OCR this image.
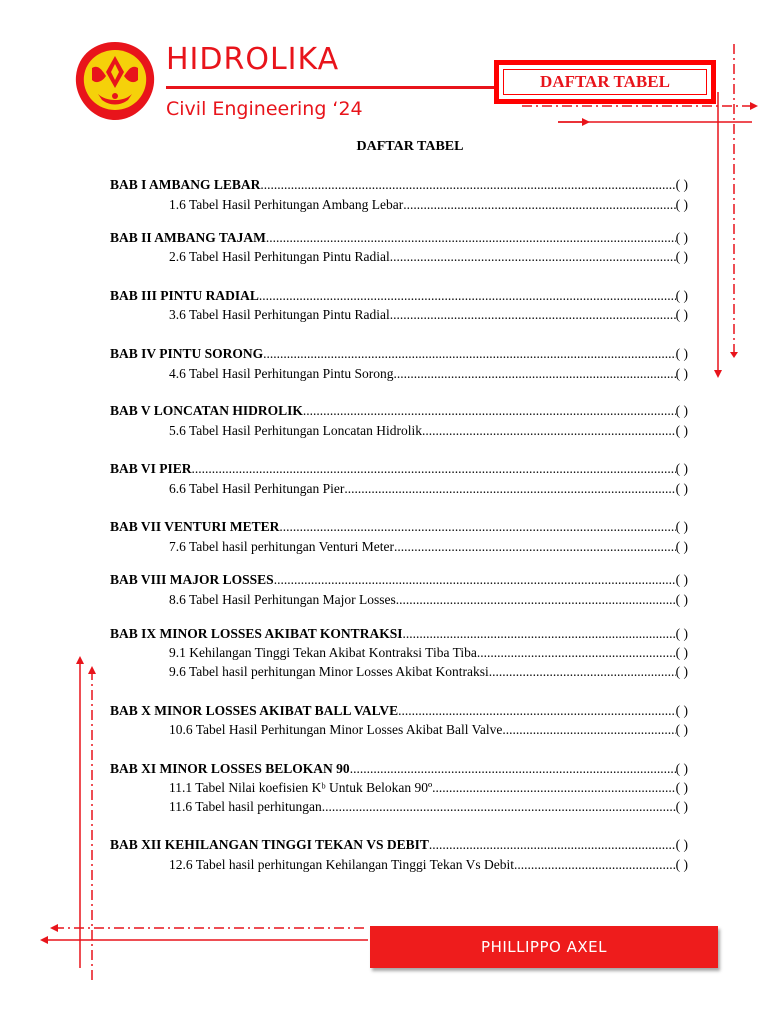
HIDROLIKA
Civil Engineering ‘24
DAFTAR TABEL
DAFTAR TABEL
BAB I AMBANG LEBAR .....	( )
1.6 Tabel Hasil Perhitungan Ambang Lebar .....	( )
BAB II AMBANG TAJAM .....	( )
2.6 Tabel Hasil Perhitungan Pintu Radial .....	( )
BAB III PINTU RADIAL .....	( )
3.6 Tabel Hasil Perhitungan Pintu Radial .....	( )
BAB IV PINTU SORONG .....	( )
4.6 Tabel Hasil Perhitungan Pintu Sorong .....	( )
BAB V LONCATAN HIDROLIK .....	( )
5.6 Tabel Hasil Perhitungan Loncatan Hidrolik .....	( )
BAB VI PIER .....	( )
6.6 Tabel Hasil Perhitungan Pier .....	( )
BAB VII VENTURI METER .....	( )
7.6 Tabel hasil perhitungan Venturi Meter .....	( )
BAB VIII MAJOR LOSSES .....	( )
8.6 Tabel Hasil Perhitungan Major Losses .....	( )
BAB IX MINOR LOSSES AKIBAT KONTRAKSI .....	( )
9.1 Kehilangan Tinggi Tekan Akibat Kontraksi Tiba Tiba .....	( )
9.6 Tabel hasil perhitungan Minor Losses Akibat Kontraksi .....	( )
BAB X MINOR LOSSES AKIBAT BALL VALVE .....	( )
10.6 Tabel Hasil Perhitungan Minor Losses Akibat Ball Valve .....	( )
BAB XI MINOR LOSSES BELOKAN 90 .....	( )
11.1 Tabel Nilai koefisien Kᵇ Untuk Belokan 90º .....	( )
11.6 Tabel hasil perhitungan .....	( )
BAB XII KEHILANGAN TINGGI TEKAN VS DEBIT .....	( )
12.6 Tabel hasil perhitungan Kehilangan Tinggi Tekan Vs Debit .....	( )
PHILLIPPO AXEL
